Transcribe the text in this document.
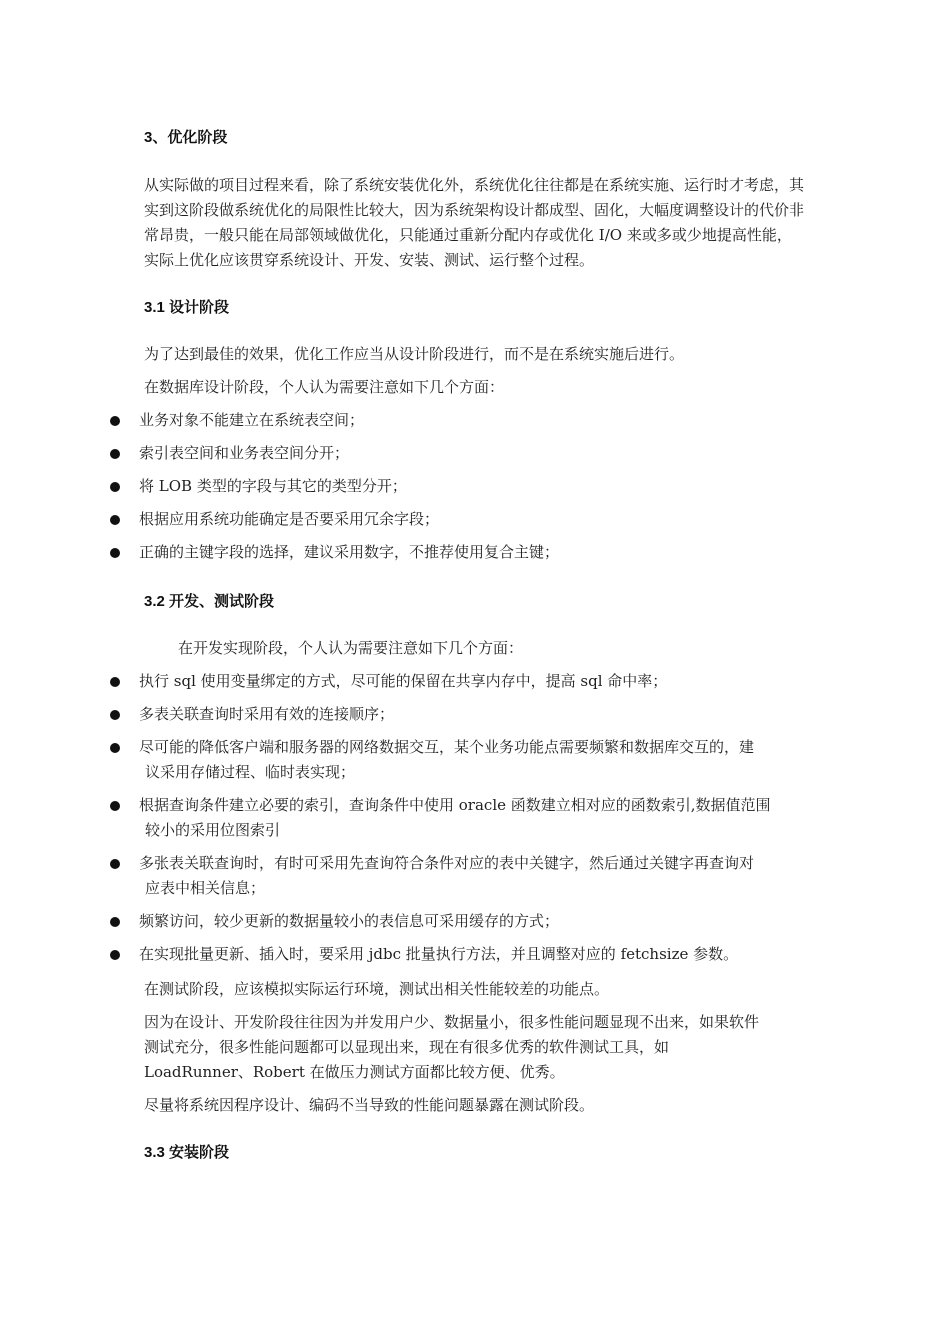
3、优化阶段

从实际做的项目过程来看，除了系统安装优化外，系统优化往往都是在系统实施、运行时才考虑，其实到这阶段做系统优化的局限性比较大，因为系统架构设计都成型、固化，大幅度调整设计的代价非常昂贵，一般只能在局部领域做优化，只能通过重新分配内存或优化 I/O 来或多或少地提高性能，实际上优化应该贯穿系统设计、开发、安装、测试、运行整个过程。

3.1 设计阶段

为了达到最佳的效果，优化工作应当从设计阶段进行，而不是在系统实施后进行。

在数据库设计阶段，个人认为需要注意如下几个方面：

业务对象不能建立在系统表空间；
索引表空间和业务表空间分开；
将 LOB 类型的字段与其它的类型分开；
根据应用系统功能确定是否要采用冗余字段；
正确的主键字段的选择，建议采用数字，不推荐使用复合主键；
3.2 开发、测试阶段

在开发实现阶段，个人认为需要注意如下几个方面：

执行 sql 使用变量绑定的方式，尽可能的保留在共享内存中，提高 sql 命中率；
多表关联查询时采用有效的连接顺序；
尽可能的降低客户端和服务器的网络数据交互，某个业务功能点需要频繁和数据库交互的，建
议采用存储过程、临时表实现；
根据查询条件建立必要的索引，查询条件中使用 oracle 函数建立相对应的函数索引,数据值范围
较小的采用位图索引
多张表关联查询时，有时可采用先查询符合条件对应的表中关键字，然后通过关键字再查询对
应表中相关信息；
频繁访问，较少更新的数据量较小的表信息可采用缓存的方式；
在实现批量更新、插入时，要采用 jdbc 批量执行方法，并且调整对应的 fetchsize 参数。

在测试阶段，应该模拟实际运行环境，测试出相关性能较差的功能点。

因为在设计、开发阶段往往因为并发用户少、数据量小，很多性能问题显现不出来，如果软件
测试充分，很多性能问题都可以显现出来，现在有很多优秀的软件测试工具，如
LoadRunner、Robert 在做压力测试方面都比较方便、优秀。

尽量将系统因程序设计、编码不当导致的性能问题暴露在测试阶段。

3.3 安装阶段
